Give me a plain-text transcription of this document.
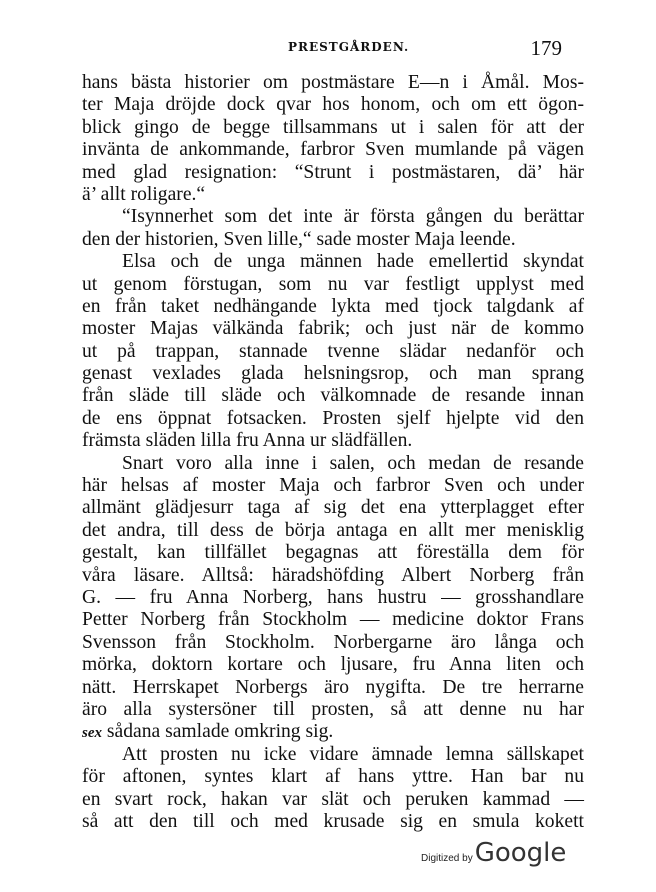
PRESTGÅRDEN.	179
hans bästa historier om postmästare E—n i Åmål. Mos-
ter Maja dröjde dock qvar hos honom, och om ett ögon-
blick gingo de begge tillsammans ut i salen för att der
invänta de ankommande, farbror Sven mumlande på vägen
med glad resignation: “Strunt i postmästaren, dä’ här
ä’ allt roligare.“
“Isynnerhet som det inte är första gången du berättar
den der historien, Sven lille,“ sade moster Maja leende.
Elsa och de unga männen hade emellertid skyndat
ut genom förstugan, som nu var festligt upplyst med
en från taket nedhängande lykta med tjock talgdank af
moster Majas välkända fabrik; och just när de kommo
ut på trappan, stannade tvenne slädar nedanför och
genast vexlades glada helsningsrop, och man sprang
från släde till släde och välkomnade de resande innan
de ens öppnat fotsacken. Prosten sjelf hjelpte vid den
främsta släden lilla fru Anna ur slädfällen.
Snart voro alla inne i salen, och medan de resande
här helsas af moster Maja och farbror Sven och under
allmänt glädjesurr taga af sig det ena ytterplagget efter
det andra, till dess de börja antaga en allt mer menisklig
gestalt, kan tillfället begagnas att föreställa dem för
våra läsare. Alltså: häradshöfding Albert Norberg från
G. — fru Anna Norberg, hans hustru — grosshandlare
Petter Norberg från Stockholm — medicine doktor Frans
Svensson från Stockholm. Norbergarne äro långa och
mörka, doktorn kortare och ljusare, fru Anna liten och
nätt. Herrskapet Norbergs äro nygifta. De tre herrarne
äro alla systersöner till prosten, så att denne nu har
sex sådana samlade omkring sig.
Att prosten nu icke vidare ämnade lemna sällskapet
för aftonen, syntes klart af hans yttre. Han bar nu
en svart rock, hakan var slät och peruken kammad —
så att den till och med krusade sig en smula kokett
Digitized byGoogle
